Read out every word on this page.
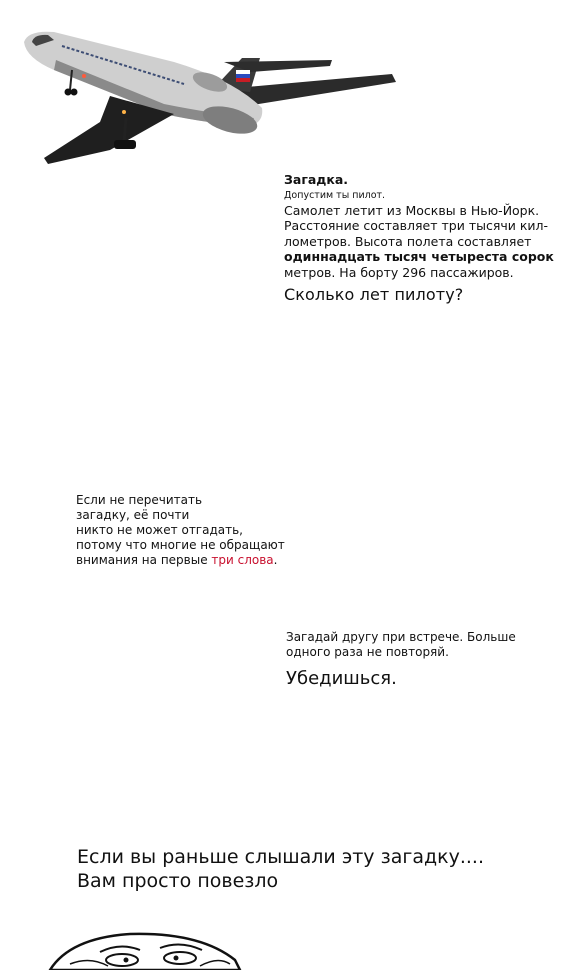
Загадка.
Допустим ты пилот.
Самолет летит из Москвы в Нью-Йорк.
Расстояние составляет три тысячи кил-
лометров. Высота полета составляет
одиннадцать тысяч четыреста сорок
метров. На борту 296 пассажиров.
Сколько лет пилоту?
Если не перечитать
загадку, её почти
никто не может отгадать,
потому что многие не обращают
внимания на первые три слова.
Загадай другу при встрече. Больше
одного раза не повторяй.
Убедишься.
Если вы раньше слышали эту загадку....
Вам просто повезло
